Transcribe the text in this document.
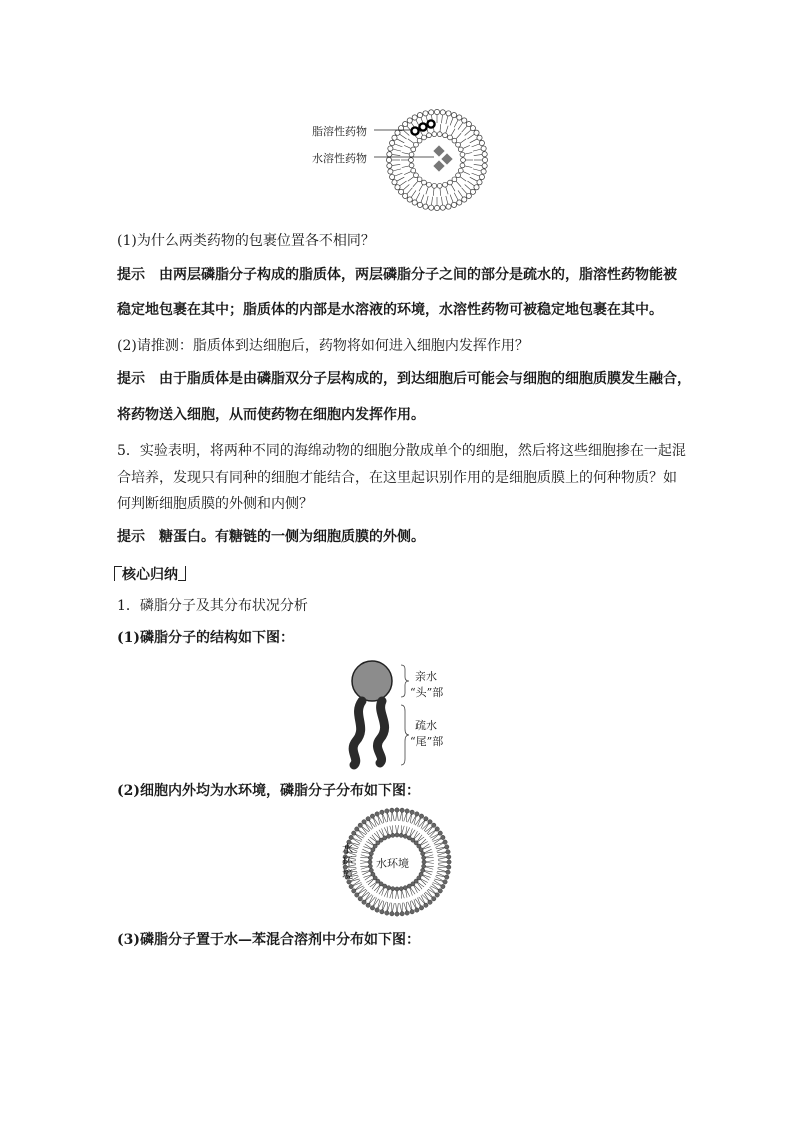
脂溶性药物
水溶性药物
(1)为什么两类药物的包裹位置各不相同？
提示　由两层磷脂分子构成的脂质体，两层磷脂分子之间的部分是疏水的，脂溶性药物能被
稳定地包裹在其中；脂质体的内部是水溶液的环境，水溶性药物可被稳定地包裹在其中。
(2)请推测：脂质体到达细胞后，药物将如何进入细胞内发挥作用？
提示　由于脂质体是由磷脂双分子层构成的，到达细胞后可能会与细胞的细胞质膜发生融合，
将药物送入细胞，从而使药物在细胞内发挥作用。
5．实验表明，将两种不同的海绵动物的细胞分散成单个的细胞，然后将这些细胞掺在一起混
合培养，发现只有同种的细胞才能结合，在这里起识别作用的是细胞质膜上的何种物质？如
何判断细胞质膜的外侧和内侧？
提示　糖蛋白。有糖链的一侧为细胞质膜的外侧。
核心归纳
1．磷脂分子及其分布状况分析
(1)磷脂分子的结构如下图：
亲水
“头”部
疏水
“尾”部
(2)细胞内外均为水环境，磷脂分子分布如下图：
水环境
水环境
(3)磷脂分子置于水—苯混合溶剂中分布如下图：
